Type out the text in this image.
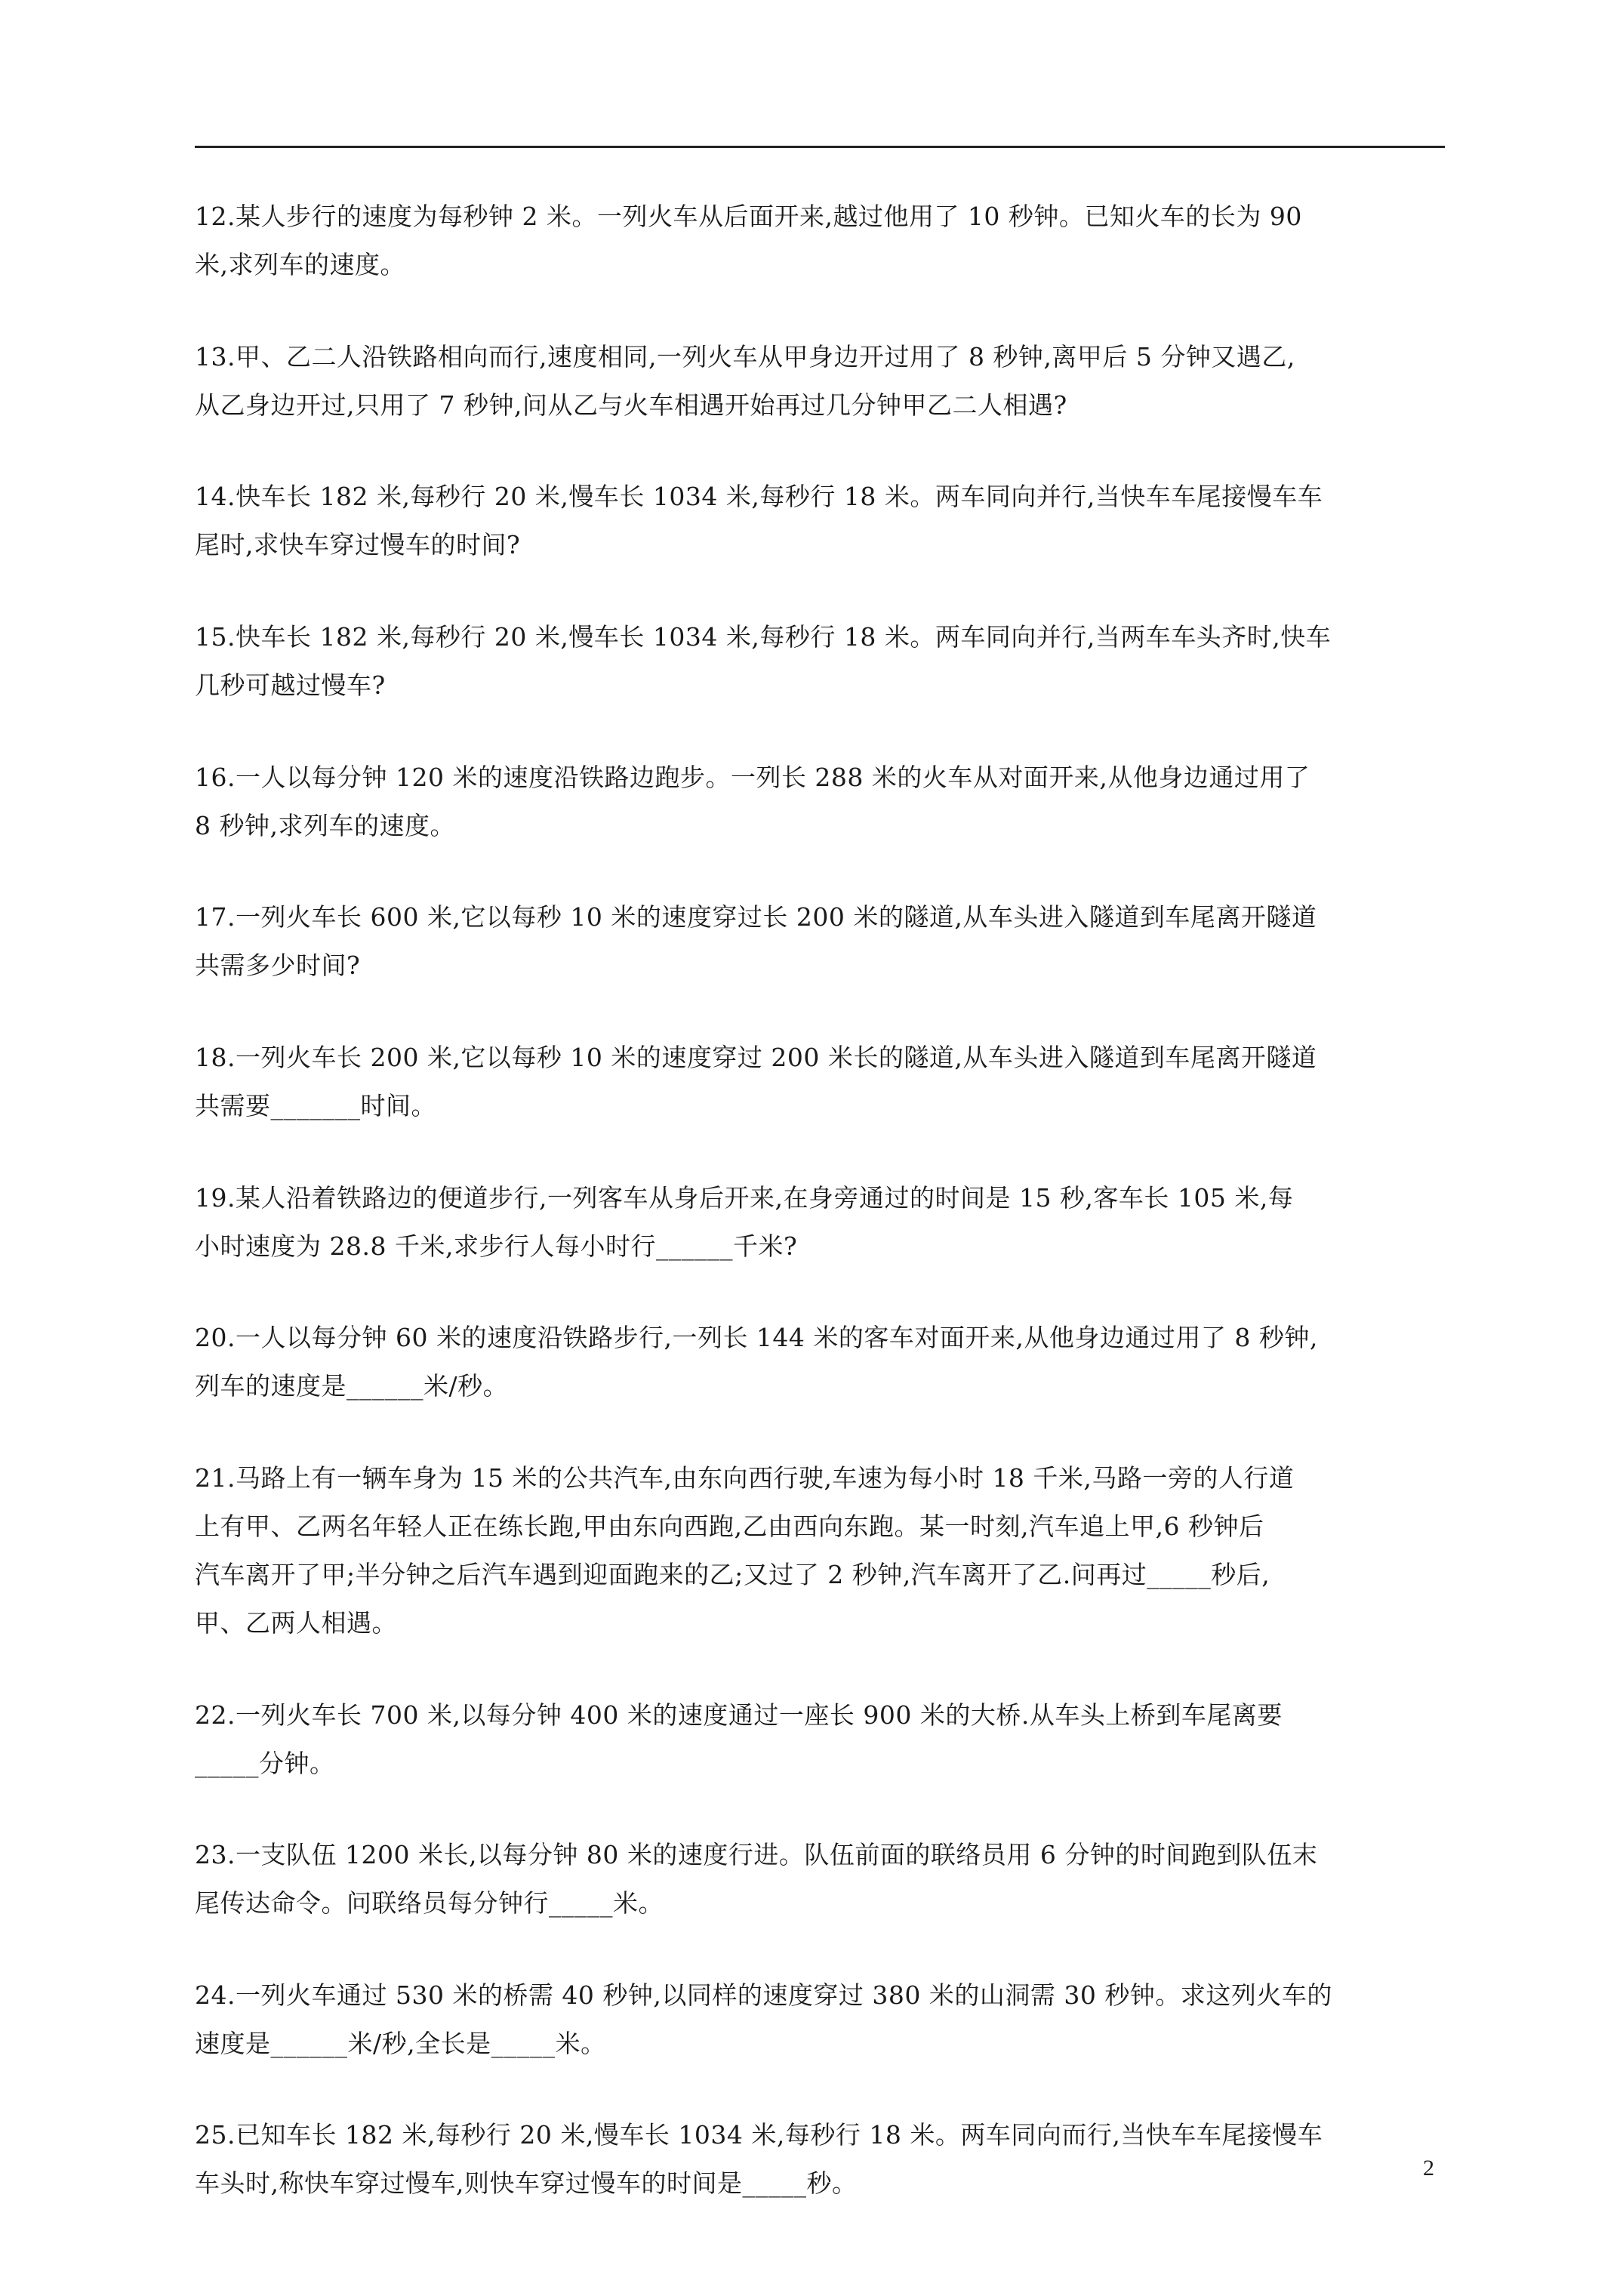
12.某人步行的速度为每秒钟 2 米。一列火车从后面开来,越过他用了 10 秒钟。已知火车的长为 90
米,求列车的速度。

13.甲、乙二人沿铁路相向而行,速度相同,一列火车从甲身边开过用了 8 秒钟,离甲后 5 分钟又遇乙,
从乙身边开过,只用了 7 秒钟,问从乙与火车相遇开始再过几分钟甲乙二人相遇?

14.快车长 182 米,每秒行 20 米,慢车长 1034 米,每秒行 18 米。两车同向并行,当快车车尾接慢车车
尾时,求快车穿过慢车的时间?

15.快车长 182 米,每秒行 20 米,慢车长 1034 米,每秒行 18 米。两车同向并行,当两车车头齐时,快车
几秒可越过慢车?

16.一人以每分钟 120 米的速度沿铁路边跑步。一列长 288 米的火车从对面开来,从他身边通过用了
8 秒钟,求列车的速度。

17.一列火车长 600 米,它以每秒 10 米的速度穿过长 200 米的隧道,从车头进入隧道到车尾离开隧道
共需多少时间?

18.一列火车长 200 米,它以每秒 10 米的速度穿过 200 米长的隧道,从车头进入隧道到车尾离开隧道
共需要_______时间。

19.某人沿着铁路边的便道步行,一列客车从身后开来,在身旁通过的时间是 15 秒,客车长 105 米,每
小时速度为 28.8 千米,求步行人每小时行______千米?

20.一人以每分钟 60 米的速度沿铁路步行,一列长 144 米的客车对面开来,从他身边通过用了 8 秒钟,
列车的速度是______米/秒。

21.马路上有一辆车身为 15 米的公共汽车,由东向西行驶,车速为每小时 18 千米,马路一旁的人行道
上有甲、乙两名年轻人正在练长跑,甲由东向西跑,乙由西向东跑。某一时刻,汽车追上甲,6 秒钟后
汽车离开了甲;半分钟之后汽车遇到迎面跑来的乙;又过了 2 秒钟,汽车离开了乙.问再过_____秒后,
甲、乙两人相遇。

22.一列火车长 700 米,以每分钟 400 米的速度通过一座长 900 米的大桥.从车头上桥到车尾离要
_____分钟。

23.一支队伍 1200 米长,以每分钟 80 米的速度行进。队伍前面的联络员用 6 分钟的时间跑到队伍末
尾传达命令。问联络员每分钟行_____米。

24.一列火车通过 530 米的桥需 40 秒钟,以同样的速度穿过 380 米的山洞需 30 秒钟。求这列火车的
速度是______米/秒,全长是_____米。

25.已知车长 182 米,每秒行 20 米,慢车长 1034 米,每秒行 18 米。两车同向而行,当快车车尾接慢车
车头时,称快车穿过慢车,则快车穿过慢车的时间是_____秒。

2
